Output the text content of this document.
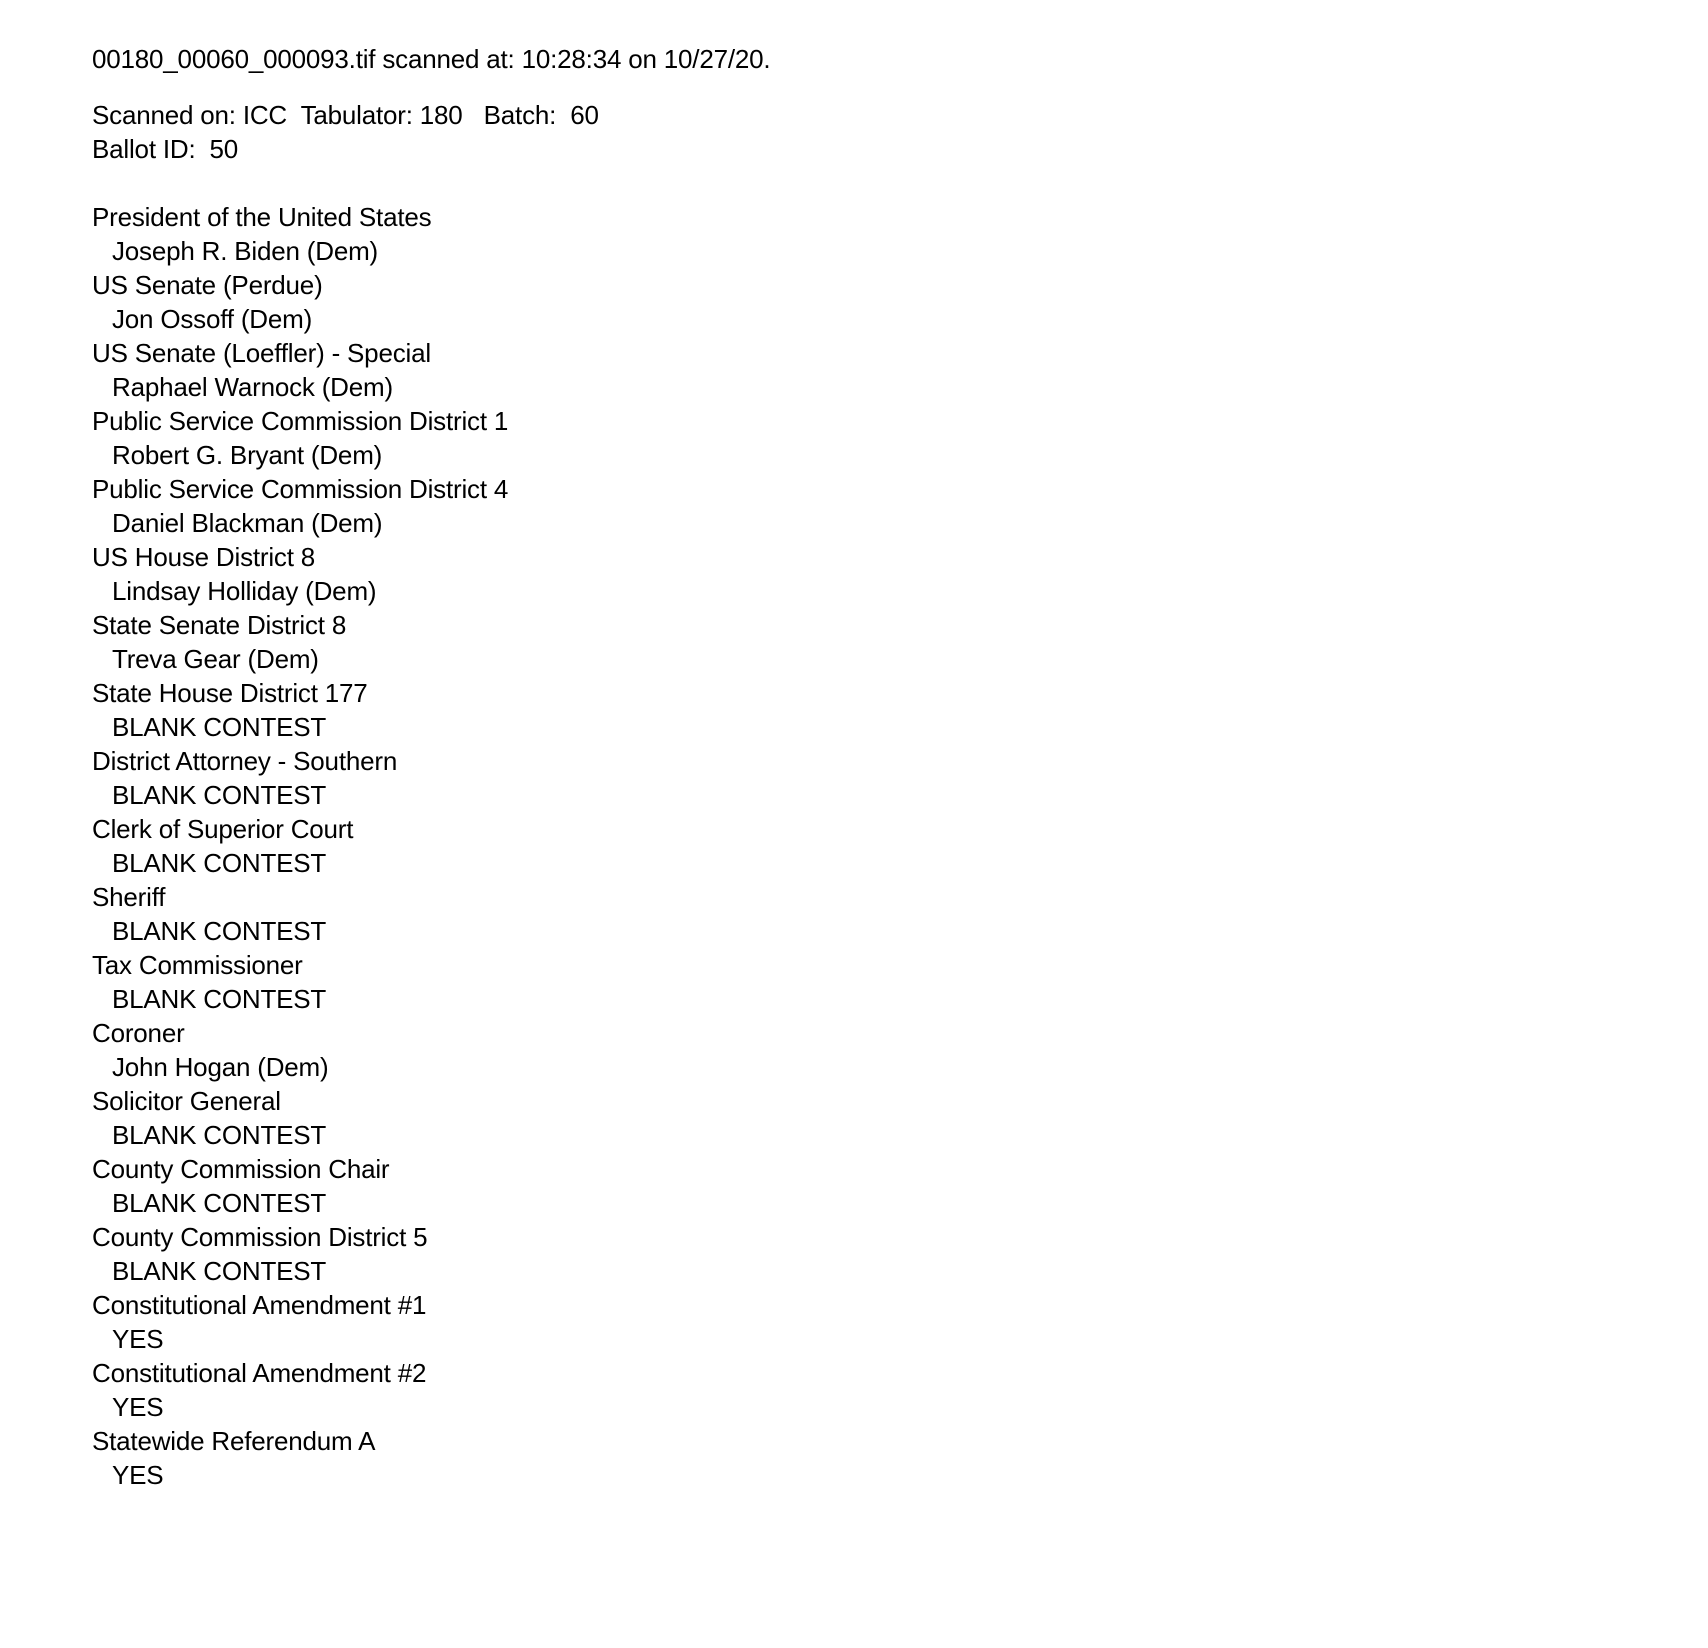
00180_00060_000093.tif scanned at: 10:28:34 on 10/27/20.

Scanned on: ICC  Tabulator: 180   Batch:  60

Ballot ID:  50

President of the United States

Joseph R. Biden (Dem)

US Senate (Perdue)

Jon Ossoff (Dem)

US Senate (Loeffler) - Special

Raphael Warnock (Dem)

Public Service Commission District 1

Robert G. Bryant (Dem)

Public Service Commission District 4

Daniel Blackman (Dem)

US House District 8

Lindsay Holliday (Dem)

State Senate District 8

Treva Gear (Dem)

State House District 177

BLANK CONTEST

District Attorney - Southern

BLANK CONTEST

Clerk of Superior Court

BLANK CONTEST

Sheriff

BLANK CONTEST

Tax Commissioner

BLANK CONTEST

Coroner

John Hogan (Dem)

Solicitor General

BLANK CONTEST

County Commission Chair

BLANK CONTEST

County Commission District 5

BLANK CONTEST

Constitutional Amendment #1

YES

Constitutional Amendment #2

YES

Statewide Referendum A

YES
